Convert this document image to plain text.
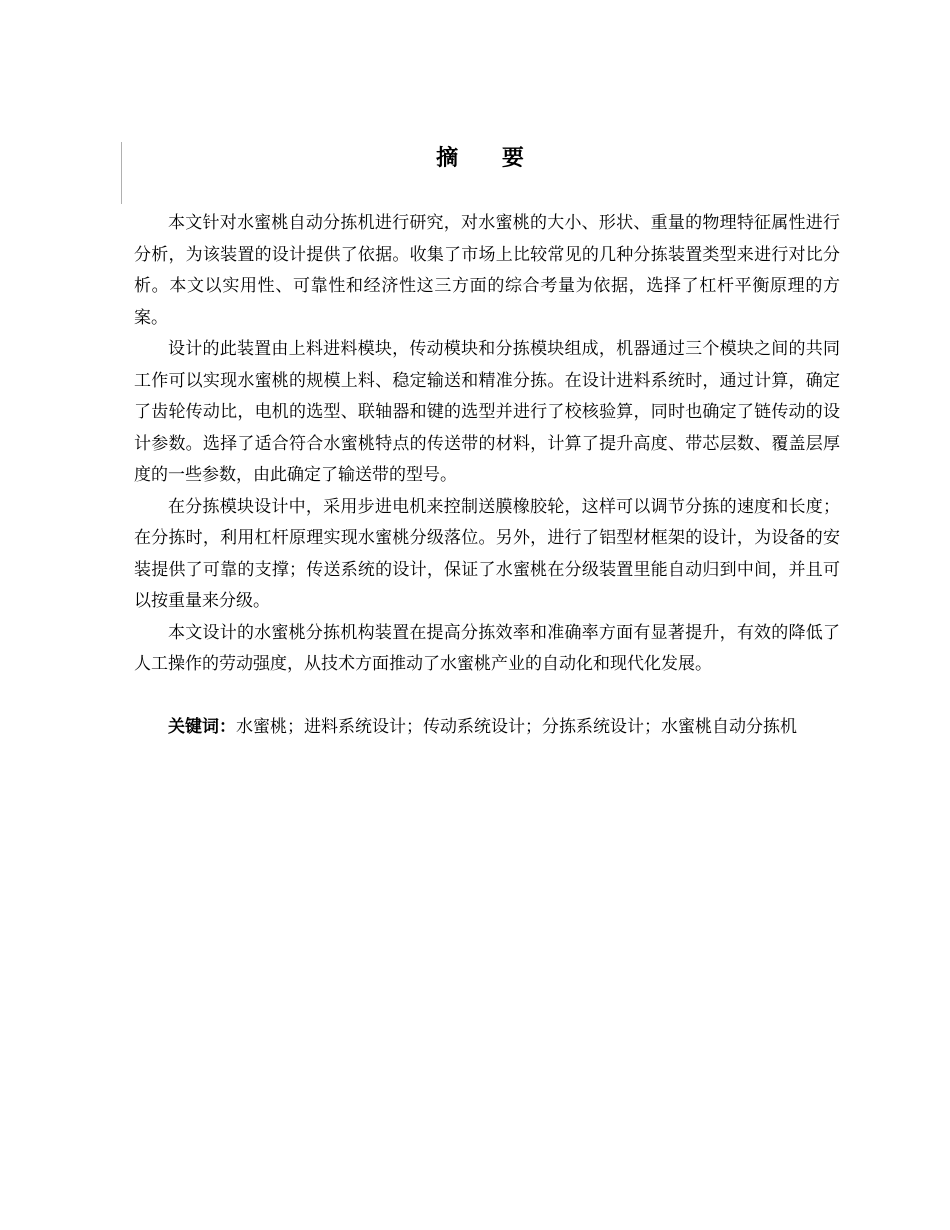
摘 要

本文针对水蜜桃自动分拣机进行研究，对水蜜桃的大小、形状、重量的物理特征属性进行分析，为该装置的设计提供了依据。收集了市场上比较常见的几种分拣装置类型来进行对比分析。本文以实用性、可靠性和经济性这三方面的综合考量为依据，选择了杠杆平衡原理的方案。

设计的此装置由上料进料模块，传动模块和分拣模块组成，机器通过三个模块之间的共同工作可以实现水蜜桃的规模上料、稳定输送和精准分拣。在设计进料系统时，通过计算，确定了齿轮传动比，电机的选型、联轴器和键的选型并进行了校核验算，同时也确定了链传动的设计参数。选择了适合符合水蜜桃特点的传送带的材料，计算了提升高度、带芯层数、覆盖层厚度的一些参数，由此确定了输送带的型号。

在分拣模块设计中，采用步进电机来控制送膜橡胶轮，这样可以调节分拣的速度和长度；在分拣时，利用杠杆原理实现水蜜桃分级落位。另外，进行了铝型材框架的设计，为设备的安装提供了可靠的支撑；传送系统的设计，保证了水蜜桃在分级装置里能自动归到中间，并且可以按重量来分级。

本文设计的水蜜桃分拣机构装置在提高分拣效率和准确率方面有显著提升，有效的降低了人工操作的劳动强度，从技术方面推动了水蜜桃产业的自动化和现代化发展。

关键词：水蜜桃；进料系统设计；传动系统设计；分拣系统设计；水蜜桃自动分拣机
